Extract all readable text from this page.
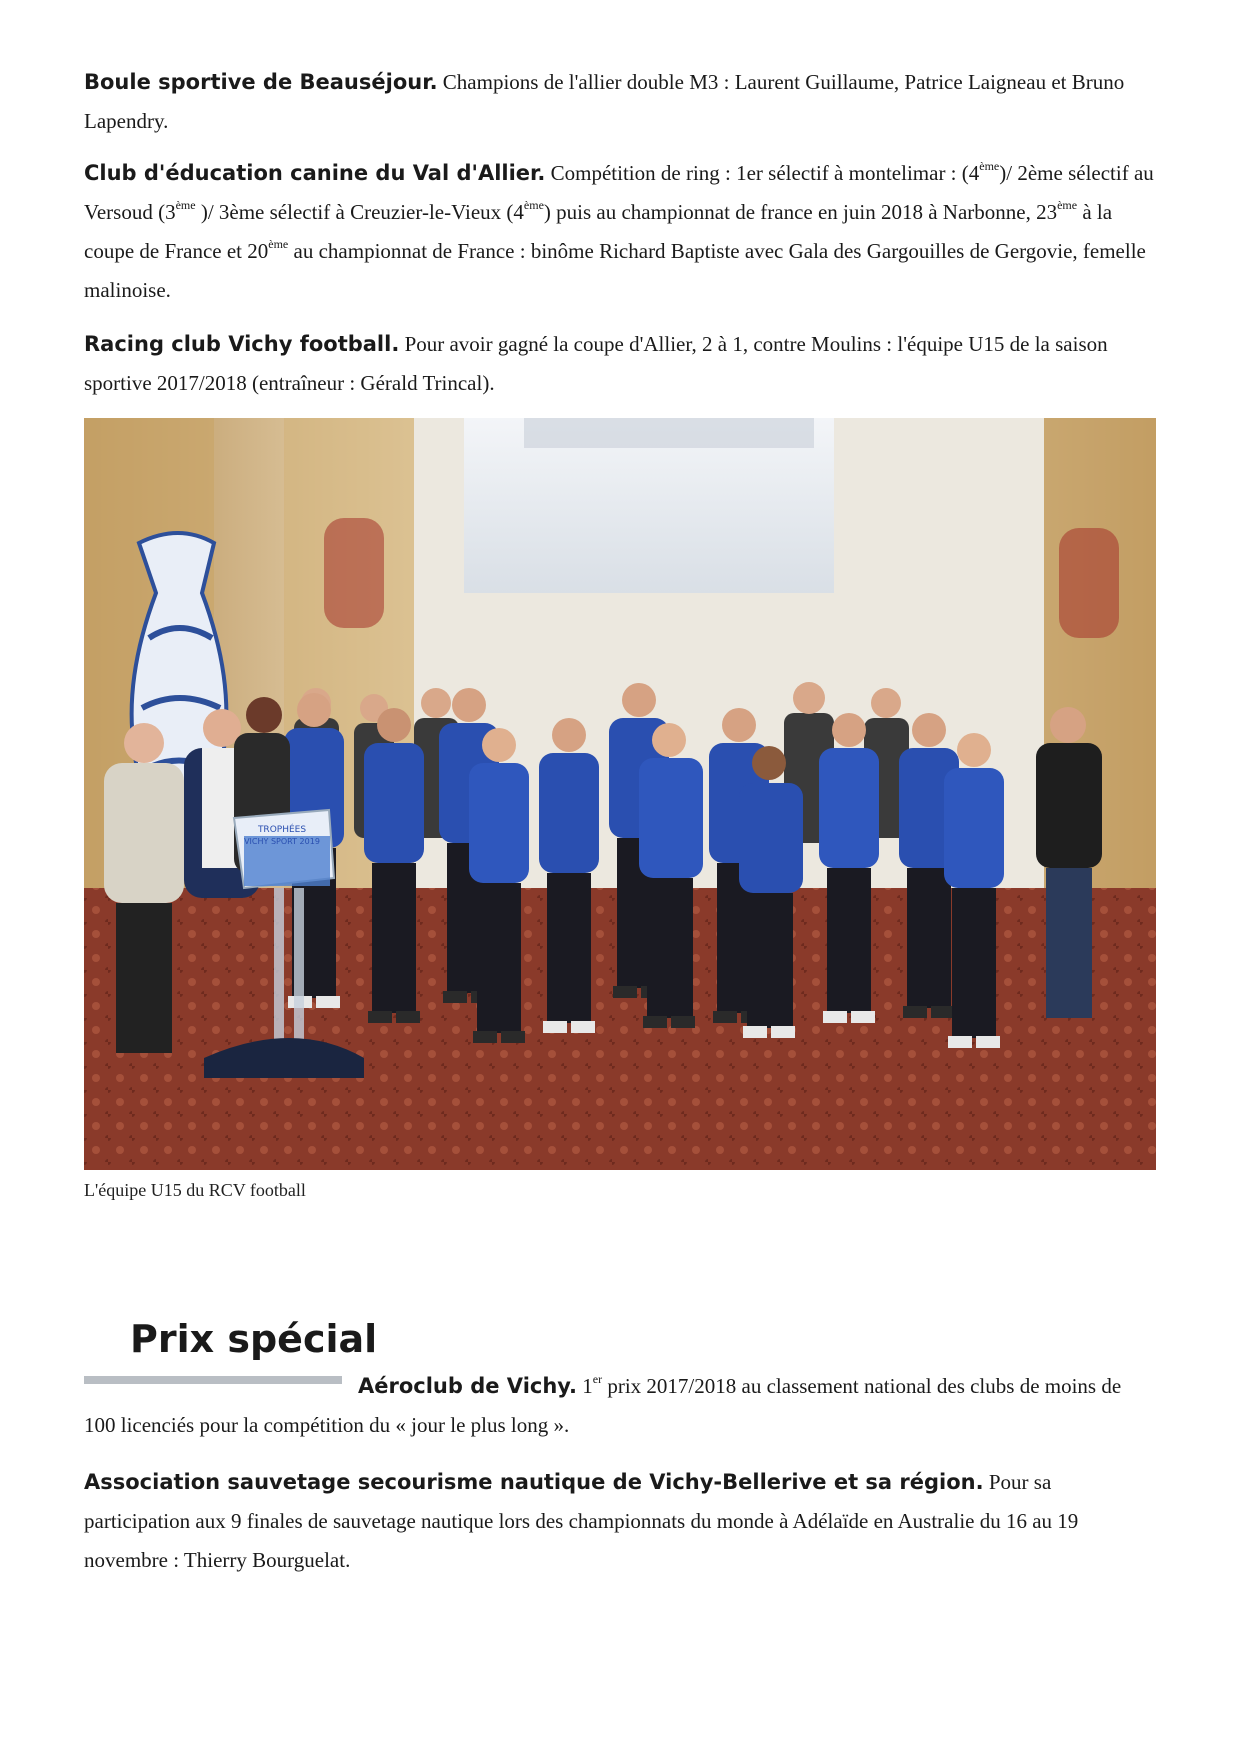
Boule sportive de Beauséjour. Champions de l'allier double M3 : Laurent Guillaume, Patrice Laigneau et Bruno Lapendry.

Club d'éducation canine du Val d'Allier. Compétition de ring : 1er sélectif à montelimar : (4ème)/ 2ème sélectif au Versoud (3ème )/ 3ème sélectif à Creuzier-le-Vieux (4ème) puis au championnat de france en juin 2018 à Narbonne, 23ème à la coupe de France et 20ème au championnat de France : binôme Richard Baptiste avec Gala des Gargouilles de Gergovie, femelle malinoise.

Racing club Vichy football. Pour avoir gagné la coupe d'Allier, 2 à 1, contre Moulins : l'équipe U15 de la saison sportive 2017/2018 (entraîneur : Gérald Trincal).

TROPHÉES
VICHY SPORT 2019

L'équipe U15 du RCV football

Prix spécial

Aéroclub de Vichy. 1er prix 2017/2018 au classement national des clubs de moins de 100 licenciés pour la compétition du « jour le plus long ».

Association sauvetage secourisme nautique de Vichy-Bellerive et sa région. Pour sa participation aux 9 finales de sauvetage nautique lors des championnats du monde à Adélaïde en Australie du 16 au 19 novembre : Thierry Bourguelat.
